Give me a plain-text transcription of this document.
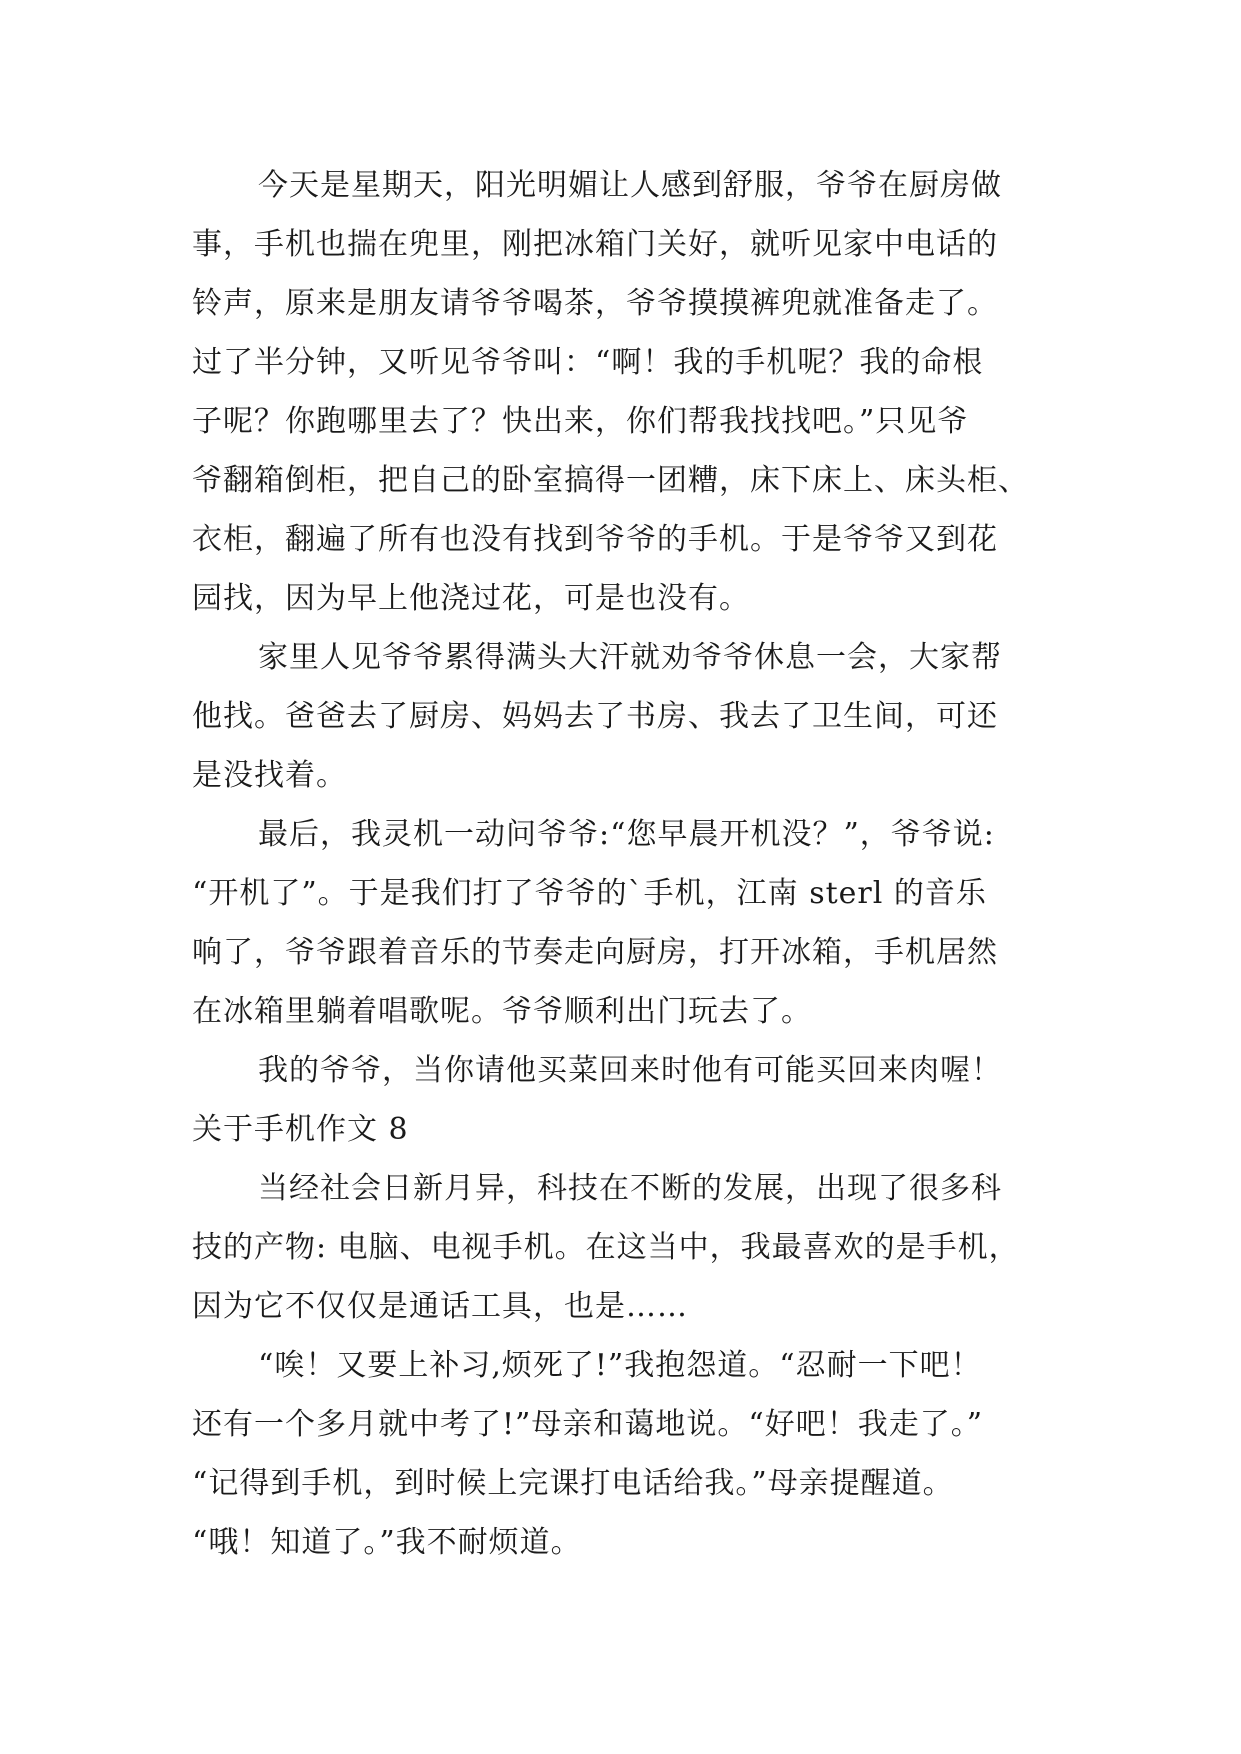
今天是星期天，阳光明媚让人感到舒服，爷爷在厨房做
事，手机也揣在兜里，刚把冰箱门关好，就听见家中电话的
铃声，原来是朋友请爷爷喝茶，爷爷摸摸裤兜就准备走了。
过了半分钟，又听见爷爷叫：“啊！我的手机呢？我的命根
子呢？你跑哪里去了？快出来，你们帮我找找吧。”只见爷
爷翻箱倒柜，把自己的卧室搞得一团糟，床下床上、床头柜、
衣柜，翻遍了所有也没有找到爷爷的手机。于是爷爷又到花
园找，因为早上他浇过花，可是也没有。
家里人见爷爷累得满头大汗就劝爷爷休息一会，大家帮
他找。爸爸去了厨房、妈妈去了书房、我去了卫生间，可还
是没找着。
最后，我灵机一动问爷爷:“您早晨开机没？”，爷爷说:
“开机了”。于是我们打了爷爷的`手机，江南 sterl 的音乐
响了，爷爷跟着音乐的节奏走向厨房，打开冰箱，手机居然
在冰箱里躺着唱歌呢。爷爷顺利出门玩去了。
我的爷爷，当你请他买菜回来时他有可能买回来肉喔！
关于手机作文 8
当经社会日新月异，科技在不断的发展，出现了很多科
技的产物: 电脑、电视手机。在这当中，我最喜欢的是手机，
因为它不仅仅是通话工具，也是……
“唉！又要上补习,烦死了!”我抱怨道。“忍耐一下吧！
还有一个多月就中考了!”母亲和蔼地说。“好吧！我走了。”
“记得到手机，到时候上完课打电话给我。”母亲提醒道。
“哦！知道了。”我不耐烦道。
